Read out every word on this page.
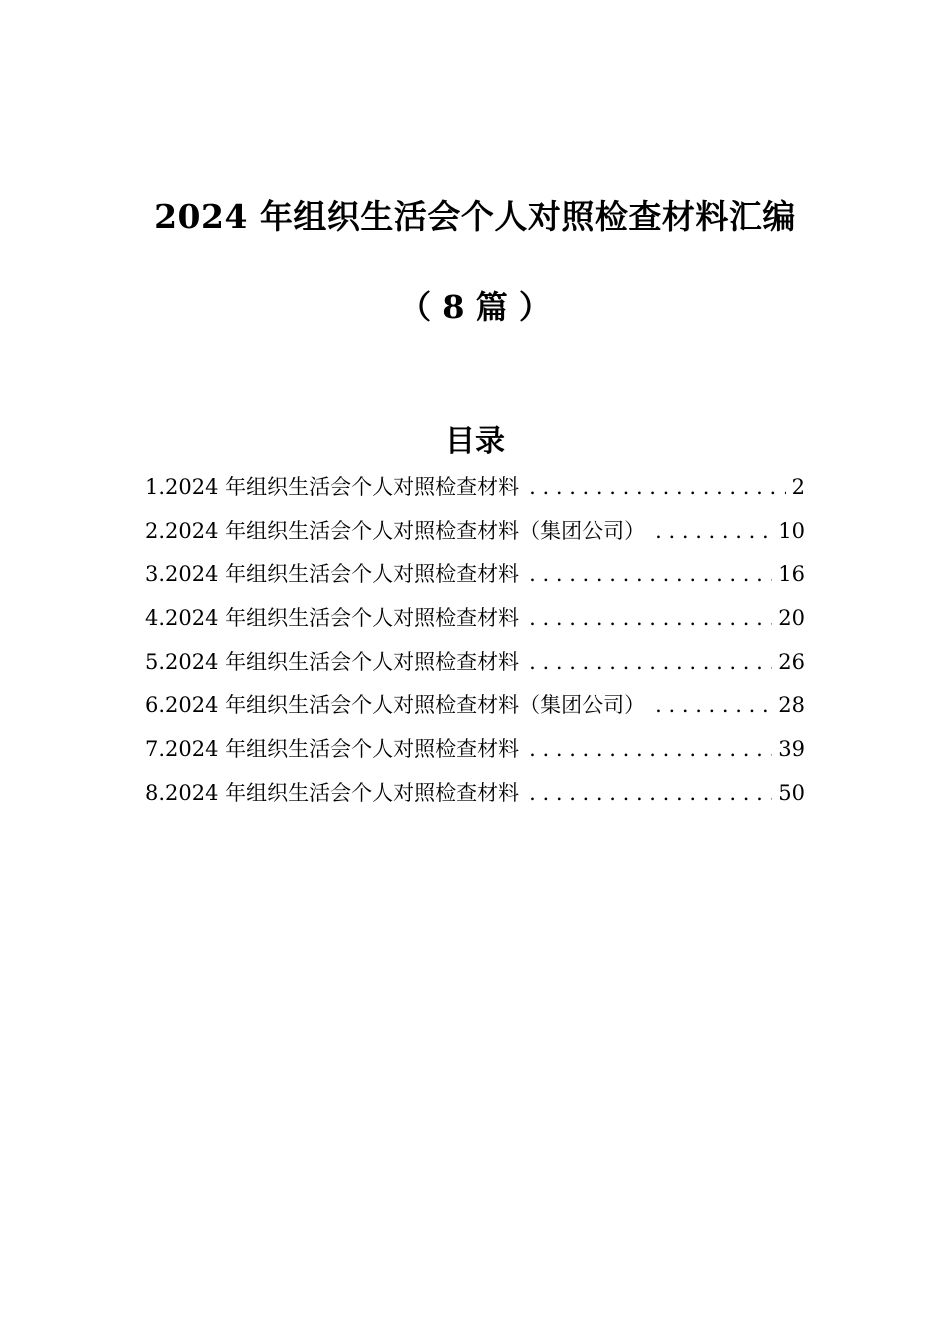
2024 年组织生活会个人对照检查材料汇编
（ 8 篇 ）
目录
1.2024 年组织生活会个人对照检查材料 . . .	2
2.2024 年组织生活会个人对照检查材料（集团公司） . . .	10
3.2024 年组织生活会个人对照检查材料 . . .	16
4.2024 年组织生活会个人对照检查材料 . . .	20
5.2024 年组织生活会个人对照检查材料 . . .	26
6.2024 年组织生活会个人对照检查材料（集团公司） . . .	28
7.2024 年组织生活会个人对照检查材料 . . .	39
8.2024 年组织生活会个人对照检查材料 . . .	50
